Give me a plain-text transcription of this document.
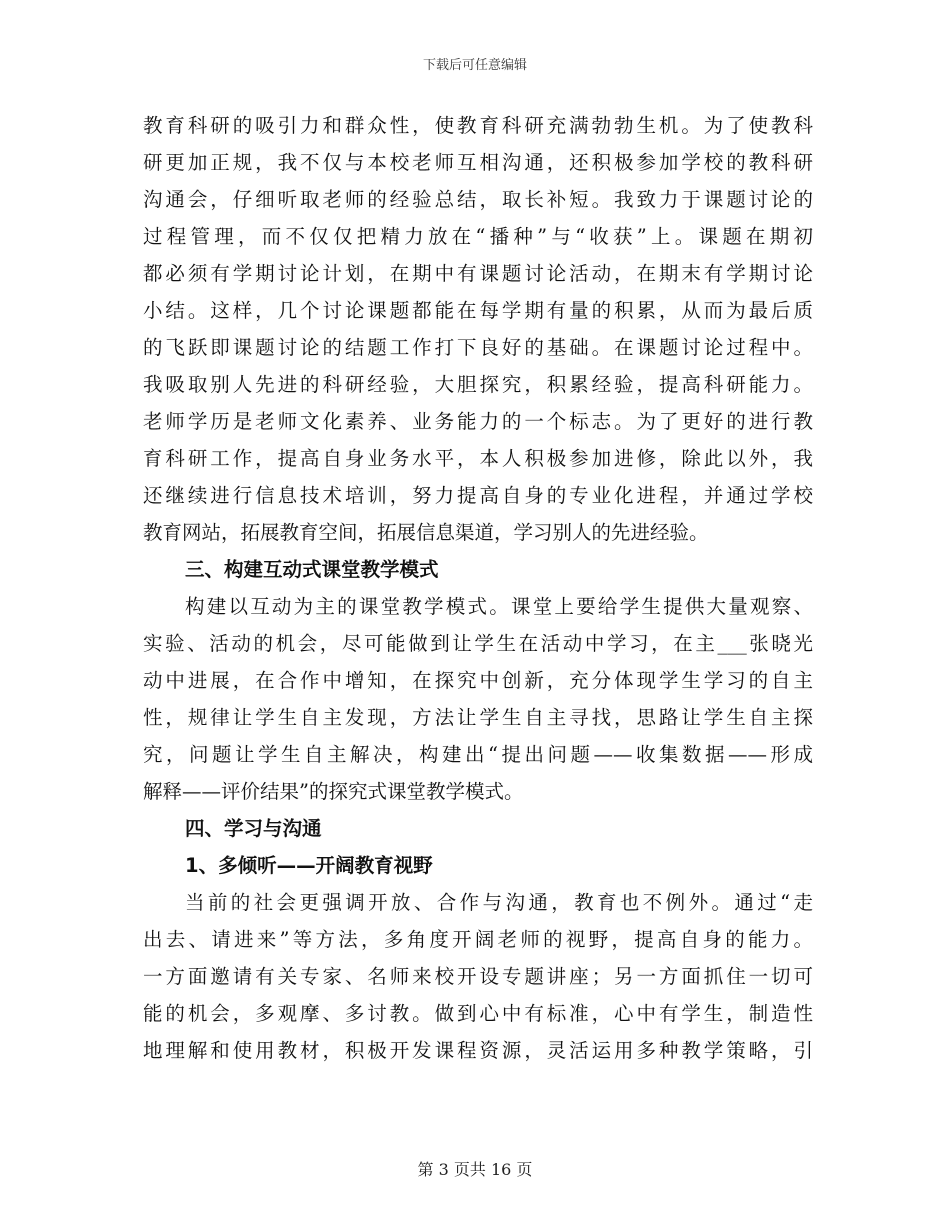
下载后可任意编辑
教育科研的吸引力和群众性，使教育科研充满勃勃生机。为了使教科
研更加正规，我不仅与本校老师互相沟通，还积极参加学校的教科研
沟通会，仔细听取老师的经验总结，取长补短。我致力于课题讨论的
过程管理，而不仅仅把精力放在“播种”与“收获”上。课题在期初
都必须有学期讨论计划，在期中有课题讨论活动，在期末有学期讨论
小结。这样，几个讨论课题都能在每学期有量的积累，从而为最后质
的飞跃即课题讨论的结题工作打下良好的基础。在课题讨论过程中。
我吸取别人先进的科研经验，大胆探究，积累经验，提高科研能力。
老师学历是老师文化素养、业务能力的一个标志。为了更好的进行教
育科研工作，提高自身业务水平，本人积极参加进修，除此以外，我
还继续进行信息技术培训，努力提高自身的专业化进程，并通过学校
教育网站，拓展教育空间，拓展信息渠道，学习别人的先进经验。
三、构建互动式课堂教学模式
构建以互动为主的课堂教学模式。课堂上要给学生提供大量观察、
实验、活动的机会，尽可能做到让学生在活动中学习，在主___张晓光
动中进展，在合作中增知，在探究中创新，充分体现学生学习的自主
性，规律让学生自主发现，方法让学生自主寻找，思路让学生自主探
究，问题让学生自主解决，构建出“提出问题——收集数据——形成
解释——评价结果”的探究式课堂教学模式。
四、学习与沟通
1、多倾听——开阔教育视野
当前的社会更强调开放、合作与沟通，教育也不例外。通过“走
出去、请进来”等方法，多角度开阔老师的视野，提高自身的能力。
一方面邀请有关专家、名师来校开设专题讲座；另一方面抓住一切可
能的机会，多观摩、多讨教。做到心中有标准，心中有学生，制造性
地理解和使用教材，积极开发课程资源，灵活运用多种教学策略，引
第 3 页共 16 页
